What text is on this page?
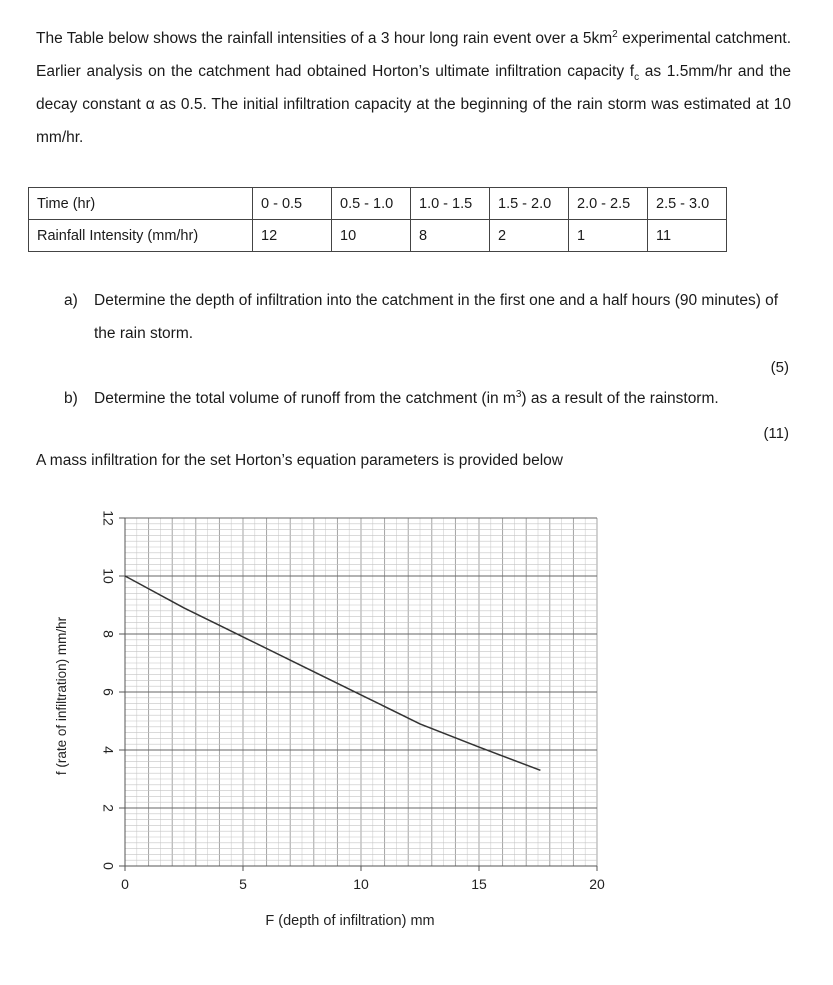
The Table below shows the rainfall intensities of a 3 hour long rain event over a $5km^2$ experimental catchment. Earlier analysis on the catchment had obtained Horton’s ultimate infiltration capacity $f_c$ as 1.5mm/hr and the decay constant α as 0.5. The initial infiltration capacity at the beginning of the rain storm was estimated at 10 mm/hr.

Time (hr)	0 - 0.5	0.5 - 1.0	1.0 - 1.5	1.5 - 2.0	2.0 - 2.5	2.5 - 3.0
Rainfall Intensity (mm/hr)	12	10	8	2	1	11
a) Determine the depth of infiltration into the catchment in the first one and a half hours (90 minutes) of the rain storm.
(5)
b) Determine the total volume of runoff from the catchment (in $m^3$) as a result of the rainstorm.
(11)
A mass infiltration for the set Horton’s equation parameters is provided below
0
2
4
6
8
10
12
0	5	10	15	20
F (depth of infiltration) mm
f (rate of infiltration) mm/hr
